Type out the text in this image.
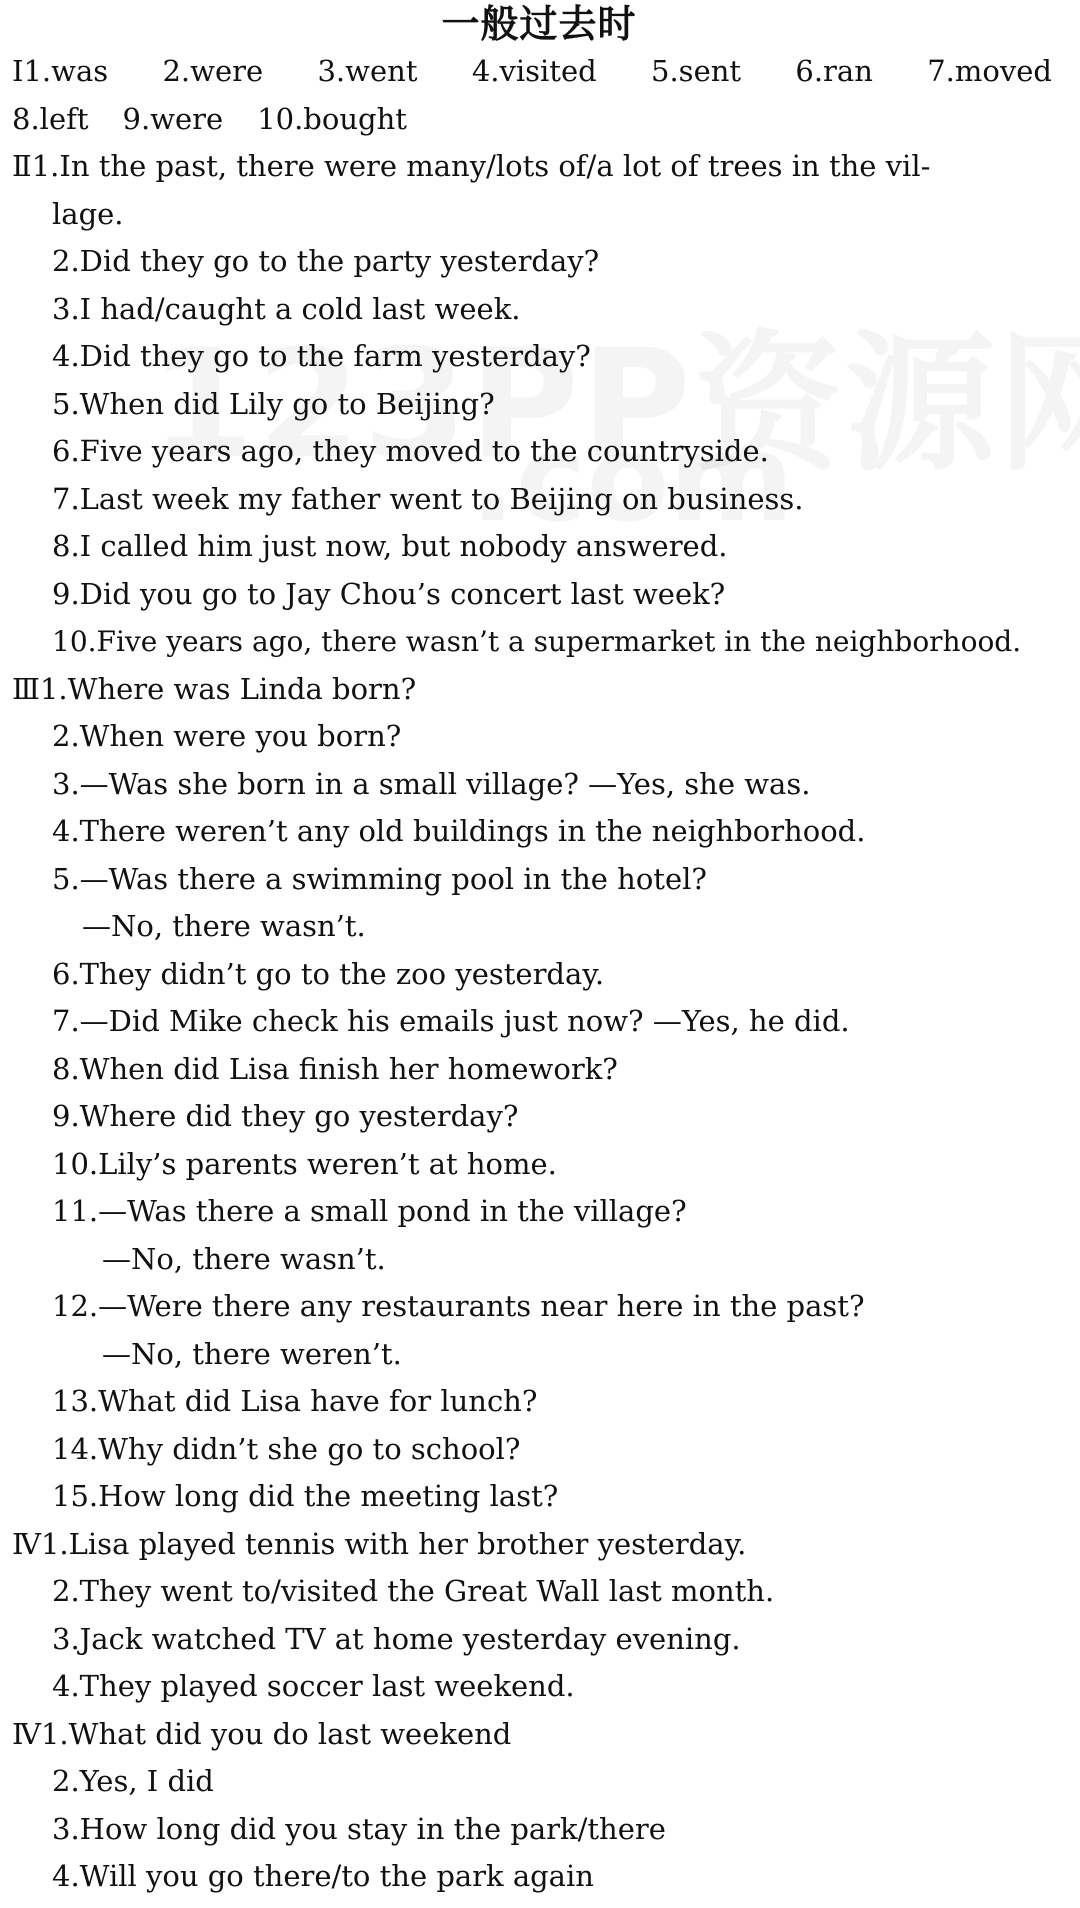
一般过去时
Ⅰ1.was 2.were 3.went 4.visited 5.sent 6.ran 7.moved
8.left 9.were 10.bought
Ⅱ1.In the past, there were many/lots of/a lot of trees in the vil-
lage.
2.Did they go to the party yesterday?
3.I had/caught a cold last week.
4.Did they go to the farm yesterday?
5.When did Lily go to Beijing?
6.Five years ago, they moved to the countryside.
7.Last week my father went to Beijing on business.
8.I called him just now, but nobody answered.
9.Did you go to Jay Chou’s concert last week?
10.Five years ago, there wasn’t a supermarket in the neighborhood.
Ⅲ1.Where was Linda born?
2.When were you born?
3.—Was she born in a small village? —Yes, she was.
4.There weren’t any old buildings in the neighborhood.
5.—Was there a swimming pool in the hotel?
—No, there wasn’t.
6.They didn’t go to the zoo yesterday.
7.—Did Mike check his emails just now? —Yes, he did.
8.When did Lisa finish her homework?
9.Where did they go yesterday?
10.Lily’s parents weren’t at home.
11.—Was there a small pond in the village?
—No, there wasn’t.
12.—Were there any restaurants near here in the past?
—No, there weren’t.
13.What did Lisa have for lunch?
14.Why didn’t she go to school?
15.How long did the meeting last?
Ⅳ1.Lisa played tennis with her brother yesterday.
2.They went to/visited the Great Wall last month.
3.Jack watched TV at home yesterday evening.
4.They played soccer last weekend.
Ⅳ1.What did you do last weekend
2.Yes, I did
3.How long did you stay in the park/there
4.Will you go there/to the park again
